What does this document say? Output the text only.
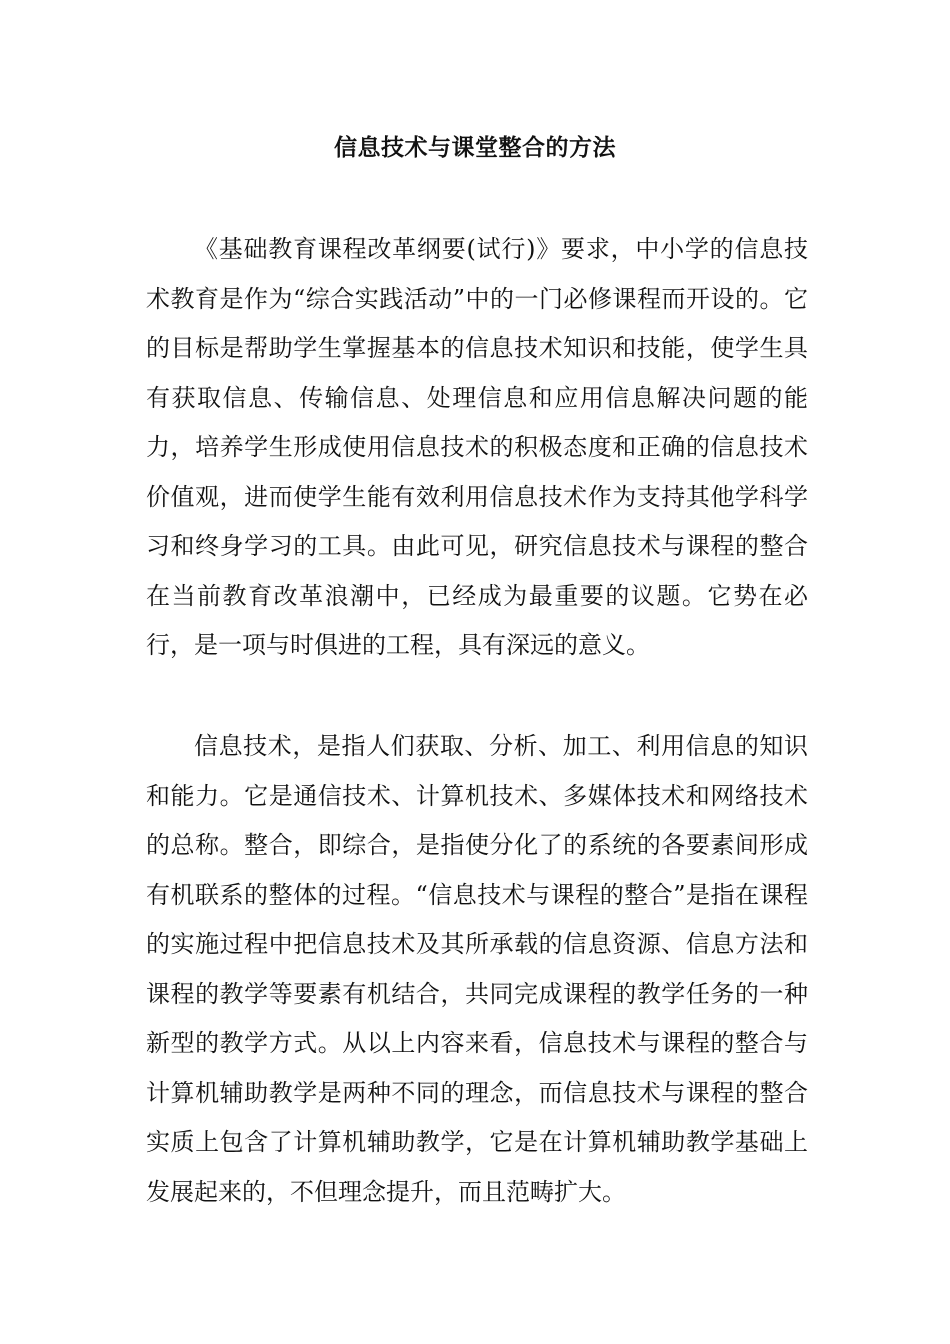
信息技术与课堂整合的方法

《基础教育课程改革纲要(试行)》要求，中小学的信息技术教育是作为“综合实践活动”中的一门必修课程而开设的。它的目标是帮助学生掌握基本的信息技术知识和技能，使学生具有获取信息、传输信息、处理信息和应用信息解决问题的能力，培养学生形成使用信息技术的积极态度和正确的信息技术价值观，进而使学生能有效利用信息技术作为支持其他学科学习和终身学习的工具。由此可见，研究信息技术与课程的整合在当前教育改革浪潮中，已经成为最重要的议题。它势在必行，是一项与时俱进的工程，具有深远的意义。

信息技术，是指人们获取、分析、加工、利用信息的知识和能力。它是通信技术、计算机技术、多媒体技术和网络技术的总称。整合，即综合，是指使分化了的系统的各要素间形成有机联系的整体的过程。“信息技术与课程的整合”是指在课程的实施过程中把信息技术及其所承载的信息资源、信息方法和课程的教学等要素有机结合，共同完成课程的教学任务的一种新型的教学方式。从以上内容来看，信息技术与课程的整合与计算机辅助教学是两种不同的理念，而信息技术与课程的整合实质上包含了计算机辅助教学，它是在计算机辅助教学基础上发展起来的，不但理念提升，而且范畴扩大。
